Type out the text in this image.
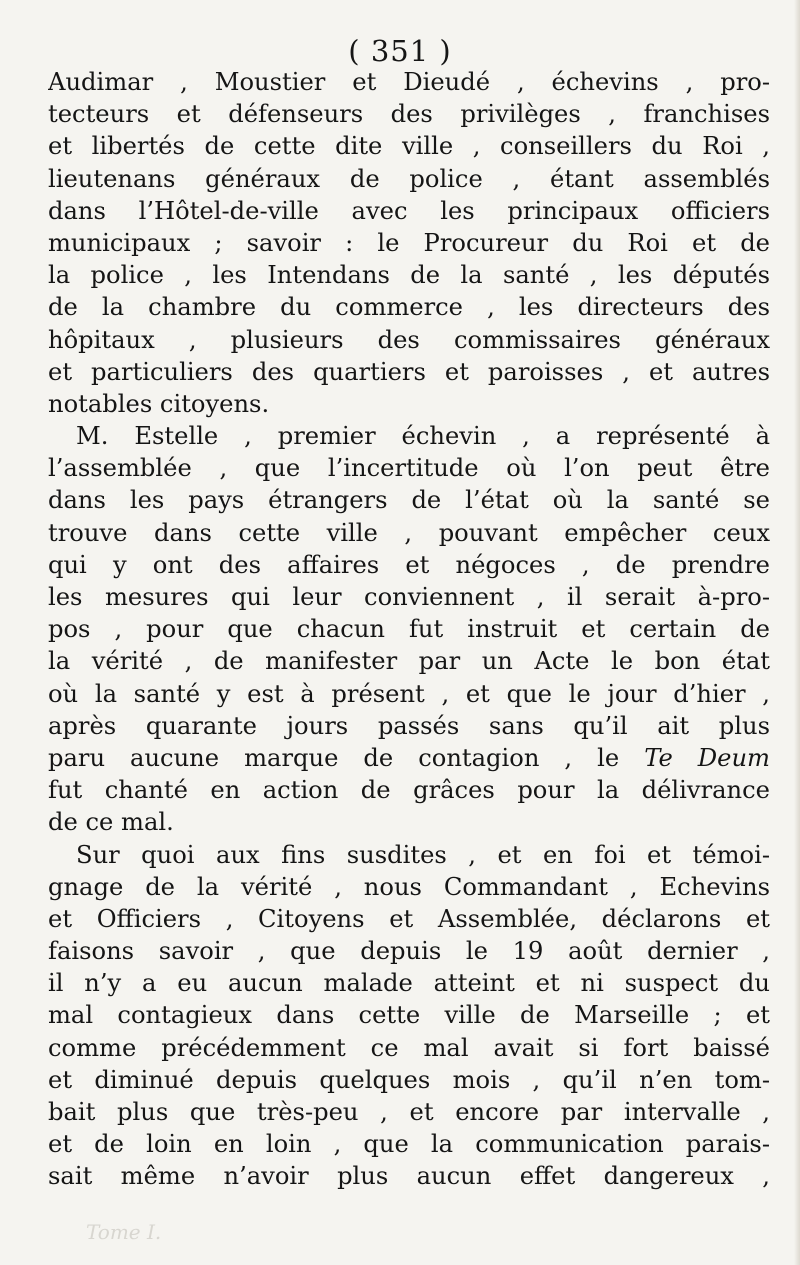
( 351 )
Audimar , Moustier et Dieudé , échevins , pro-
tecteurs et défenseurs des privilèges , franchises
et libertés de cette dite ville , conseillers du Roi ,
lieutenans généraux de police , étant assemblés
dans l’Hôtel-de-ville avec les principaux officiers
municipaux ; savoir : le Procureur du Roi et de
la police , les Intendans de la santé , les députés
de la chambre du commerce , les directeurs des
hôpitaux , plusieurs des commissaires généraux
et particuliers des quartiers et paroisses , et autres
notables citoyens.
M. Estelle , premier échevin , a représenté à
l’assemblée , que l’incertitude où l’on peut être
dans les pays étrangers de l’état où la santé se
trouve dans cette ville , pouvant empêcher ceux
qui y ont des affaires et négoces , de prendre
les mesures qui leur conviennent , il serait à-pro-
pos , pour que chacun fut instruit et certain de
la vérité , de manifester par un Acte le bon état
où la santé y est à présent , et que le jour d’hier ,
après quarante jours passés sans qu’il ait plus
paru aucune marque de contagion , le Te Deum
fut chanté en action de grâces pour la délivrance
de ce mal.
Sur quoi aux fins susdites , et en foi et témoi-
gnage de la vérité , nous Commandant , Echevins
et Officiers , Citoyens et Assemblée, déclarons et
faisons savoir , que depuis le 19 août dernier ,
il n’y a eu aucun malade atteint et ni suspect du
mal contagieux dans cette ville de Marseille ; et
comme précédemment ce mal avait si fort baissé
et diminué depuis quelques mois , qu’il n’en tom-
bait plus que très-peu , et encore par intervalle ,
et de loin en loin , que la communication parais-
sait même n’avoir plus aucun effet dangereux ,
Tome I.
